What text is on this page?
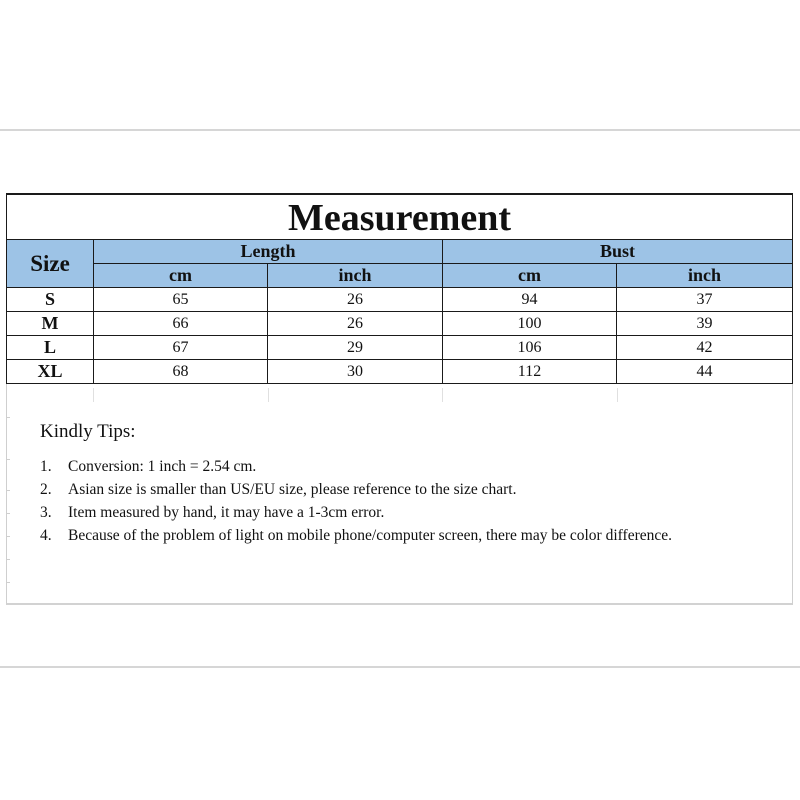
Measurement				
Size	Length		Bust	
	cm	inch	cm	inch
S	65	26	94	37
M	66	26	100	39
L	67	29	106	42
XL	68	30	112	44

Kindly Tips:

1. Conversion: 1 inch = 2.54 cm.
2. Asian size is smaller than US/EU size, please reference to the size chart.
3. Item measured by hand, it may have a 1-3cm error.
4. Because of the problem of light on mobile phone/computer screen, there may be color difference.
